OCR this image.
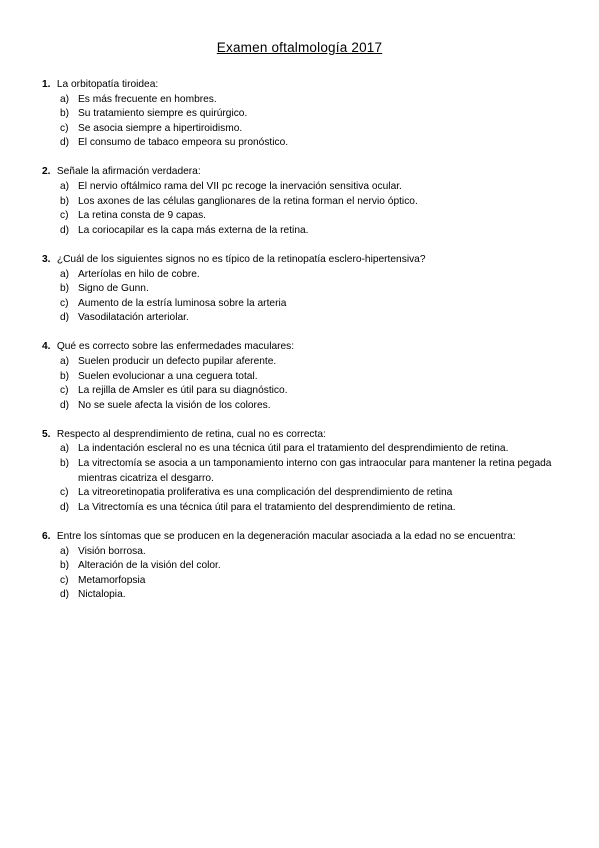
Examen oftalmología 2017
1. La orbitopatía tiroidea:
a) Es más frecuente en hombres.
b) Su tratamiento siempre es quirúrgico.
c) Se asocia siempre a hipertiroidismo.
d) El consumo de tabaco empeora su pronóstico.
2. Señale la afirmación verdadera:
a) El nervio oftálmico rama del VII pc recoge la inervación sensitiva ocular.
b) Los axones de las células ganglionares de la retina forman el nervio óptico.
c) La retina consta de 9 capas.
d) La coriocapilar es la capa más externa de la retina.
3. ¿Cuál de los siguientes signos no es típico de la retinopatía esclero-hipertensiva?
a) Arteríolas en hilo de cobre.
b) Signo de Gunn.
c) Aumento de la estría luminosa sobre la arteria
d) Vasodilatación arteriolar.
4. Qué es correcto sobre las enfermedades maculares:
a) Suelen producir un defecto pupilar aferente.
b) Suelen evolucionar a una ceguera total.
c) La rejilla de Amsler es útil para su diagnóstico.
d) No se suele afecta la visión de los colores.
5. Respecto al desprendimiento de retina, cual no es correcta:
a) La indentación escleral no es una técnica útil para el tratamiento del desprendimiento de retina.
b) La vitrectomía se asocia a un tamponamiento interno con gas intraocular para mantener la retina pegada mientras cicatriza el desgarro.
c) La vitreoretinopatia proliferativa es una complicación del desprendimiento de retina
d) La Vitrectomía es una técnica útil para el tratamiento del desprendimiento de retina.
6. Entre los síntomas que se producen en la degeneración macular asociada a la edad no se encuentra:
a) Visión borrosa.
b) Alteración de la visión del color.
c) Metamorfopsia
d) Nictalopia.
